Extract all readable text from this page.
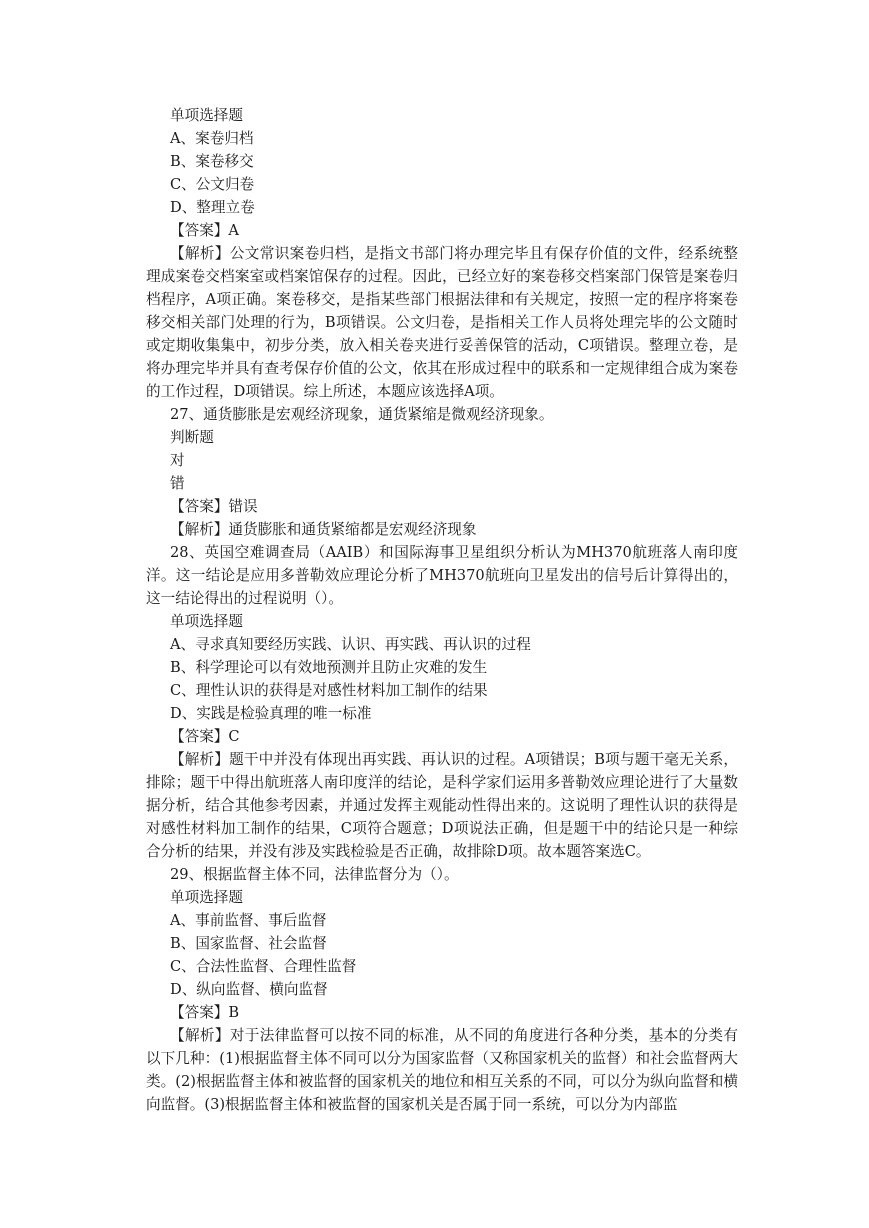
单项选择题
A、案卷归档
B、案卷移交
C、公文归卷
D、整理立卷
【答案】A

【解析】公文常识案卷归档，是指文书部门将办理完毕且有保存价值的文件，经系统整理成案卷交档案室或档案馆保存的过程。因此，已经立好的案卷移交档案部门保管是案卷归档程序，A项正确。案卷移交，是指某些部门根据法律和有关规定，按照一定的程序将案卷移交相关部门处理的行为，B项错误。公文归卷，是指相关工作人员将处理完毕的公文随时或定期收集集中，初步分类，放入相关卷夹进行妥善保管的活动，C项错误。整理立卷，是将办理完毕并具有查考保存价值的公文，依其在形成过程中的联系和一定规律组合成为案卷的工作过程，D项错误。综上所述，本题应该选择A项。

27、通货膨胀是宏观经济现象，通货紧缩是微观经济现象。
判断题
对
错
【答案】错误
【解析】通货膨胀和通货紧缩都是宏观经济现象

28、英国空难调查局（AAIB）和国际海事卫星组织分析认为MH370航班落人南印度洋。这一结论是应用多普勒效应理论分析了MH370航班向卫星发出的信号后计算得出的，这一结论得出的过程说明（）。

单项选择题
A、寻求真知要经历实践、认识、再实践、再认识的过程
B、科学理论可以有效地预测并且防止灾难的发生
C、理性认识的获得是对感性材料加工制作的结果
D、实践是检验真理的唯一标准
【答案】C

【解析】题干中并没有体现出再实践、再认识的过程。A项错误；B项与题干毫无关系，排除；题干中得出航班落人南印度洋的结论，是科学家们运用多普勒效应理论进行了大量数据分析，结合其他参考因素，并通过发挥主观能动性得出来的。这说明了理性认识的获得是对感性材料加工制作的结果，C项符合题意；D项说法正确，但是题干中的结论只是一种综合分析的结果，并没有涉及实践检验是否正确，故排除D项。故本题答案选C。

29、根据监督主体不同，法律监督分为（）。
单项选择题
A、事前监督、事后监督
B、国家监督、社会监督
C、合法性监督、合理性监督
D、纵向监督、横向监督
【答案】B

【解析】对于法律监督可以按不同的标准，从不同的角度进行各种分类，基本的分类有以下几种：(1)根据监督主体不同可以分为国家监督（又称国家机关的监督）和社会监督两大类。(2)根据监督主体和被监督的国家机关的地位和相互关系的不同，可以分为纵向监督和横向监督。(3)根据监督主体和被监督的国家机关是否属于同一系统，可以分为内部监
